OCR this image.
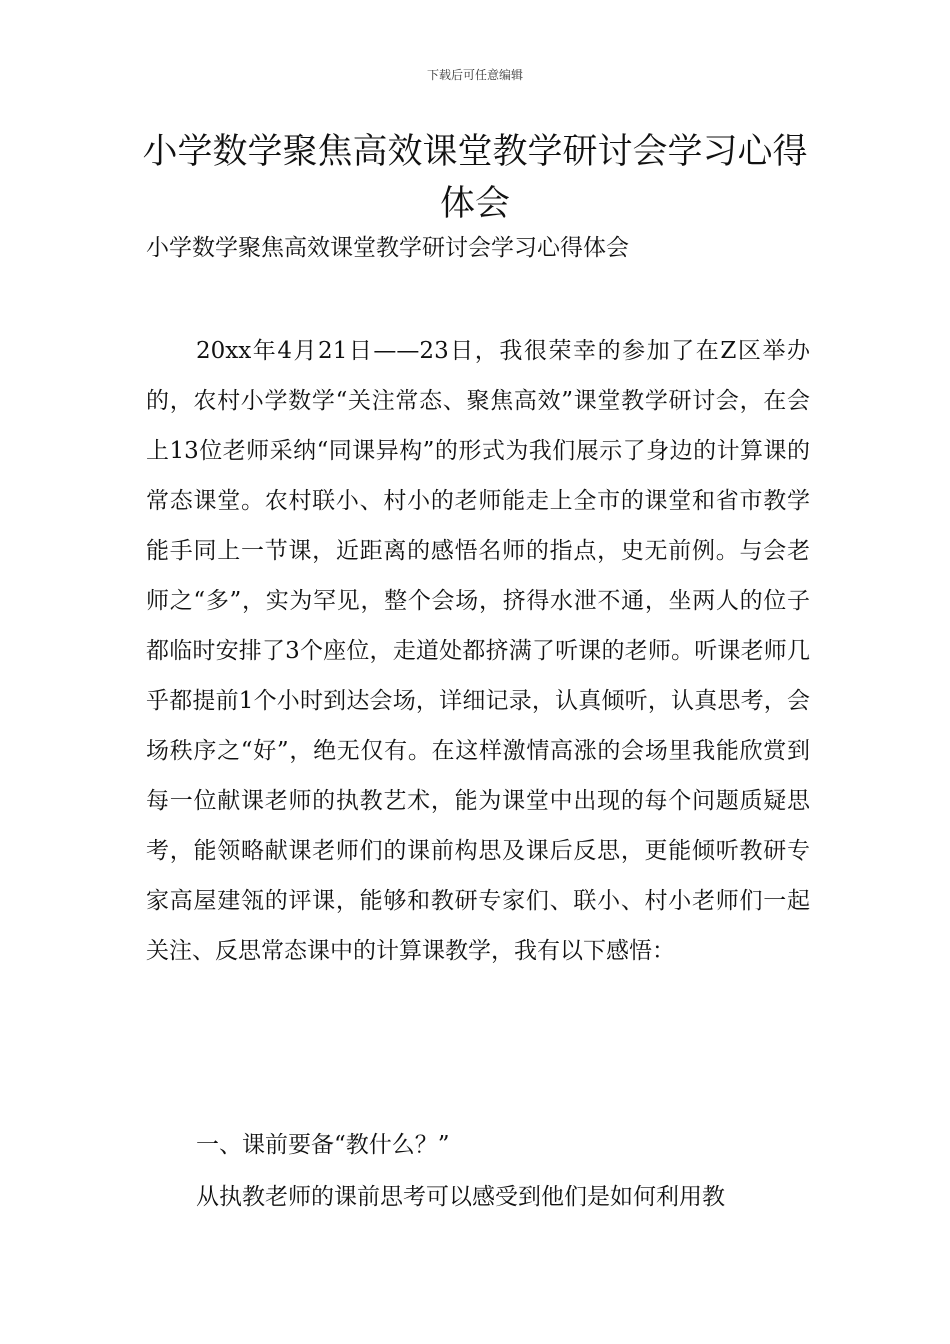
下载后可任意编辑
小学数学聚焦高效课堂教学研讨会学习心得体会

小学数学聚焦高效课堂教学研讨会学习心得体会

20xx年4月21日——23日，我很荣幸的参加了在Z区举办的，农村小学数学“关注常态、聚焦高效”课堂教学研讨会，在会上13位老师采纳“同课异构”的形式为我们展示了身边的计算课的常态课堂。农村联小、村小的老师能走上全市的课堂和省市教学能手同上一节课，近距离的感悟名师的指点，史无前例。与会老师之“多”，实为罕见，整个会场，挤得水泄不通，坐两人的位子都临时安排了3个座位，走道处都挤满了听课的老师。听课老师几乎都提前1个小时到达会场，详细记录，认真倾听，认真思考，会场秩序之“好”，绝无仅有。在这样激情高涨的会场里我能欣赏到每一位献课老师的执教艺术，能为课堂中出现的每个问题质疑思考，能领略献课老师们的课前构思及课后反思，更能倾听教研专家高屋建瓴的评课，能够和教研专家们、联小、村小老师们一起关注、反思常态课中的计算课教学，我有以下感悟：

一、课前要备“教什么？”

从执教老师的课前思考可以感受到他们是如何利用教
